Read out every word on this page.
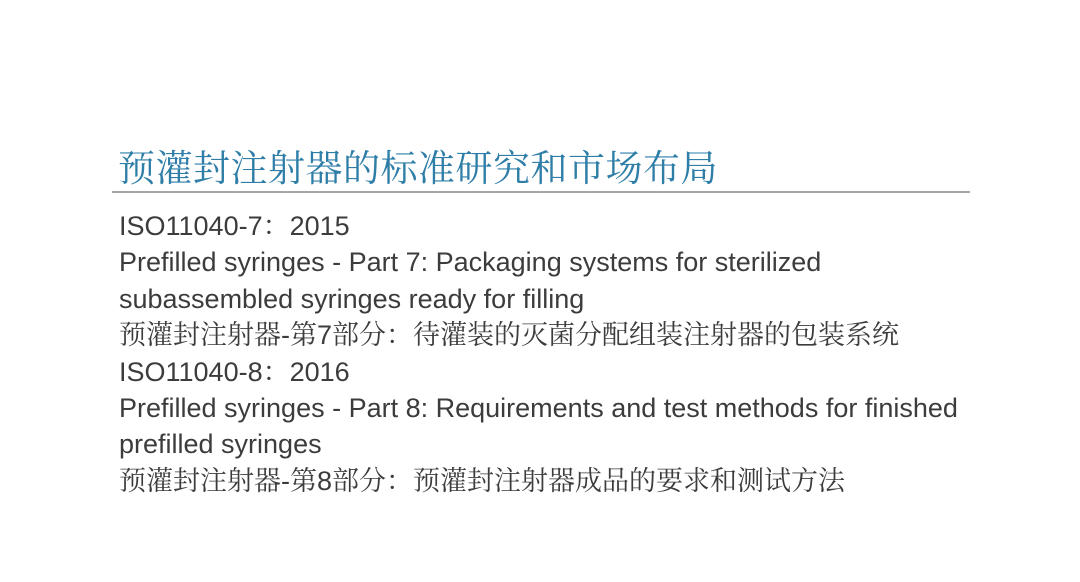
预灌封注射器的标准研究和市场布局

ISO11040-7：2015

Prefilled syringes - Part 7: Packaging systems for sterilized

subassembled syringes ready for filling

预灌封注射器-第7部分：待灌装的灭菌分配组装注射器的包装系统

ISO11040-8：2016

Prefilled syringes - Part 8: Requirements and test methods for finished

prefilled syringes

预灌封注射器-第8部分：预灌封注射器成品的要求和测试方法
